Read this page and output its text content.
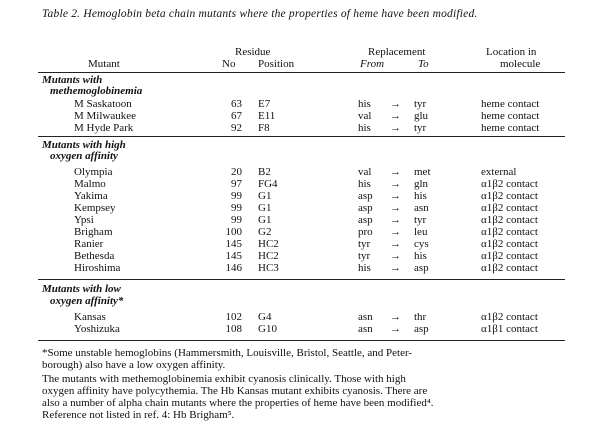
Table 2. Hemoglobin beta chain mutants where the properties of heme have been modified.
Residue	Replacement	Location in
Mutant	No Position	From	To	molecule
Mutants with
methemoglobinemia
M Saskatoon	63 E7	his → tyr	heme contact
M Milwaukee	67 E11	val → glu	heme contact
M Hyde Park	92 F8	his → tyr	heme contact
Mutants with high
oxygen affinity
Olympia	20 B2	val → met	external
Malmo	97 FG4	his → gln	α1β2 contact
Yakima	99 G1	asp → his	α1β2 contact
Kempsey	99 G1	asp → asn	α1β2 contact
Ypsi	99 G1	asp → tyr	α1β2 contact
Brigham	100 G2	pro → leu	α1β2 contact
Ranier	145 HC2	tyr → cys	α1β2 contact
Bethesda	145 HC2	tyr → his	α1β2 contact
Hiroshima	146 HC3	his → asp	α1β2 contact
Mutants with low
oxygen affinity*
Kansas	102 G4	asn → thr	α1β2 contact
Yoshizuka	108 G10	asn → asp	α1β1 contact
*Some unstable hemoglobins (Hammersmith, Louisville, Bristol, Seattle, and Peter-
borough) also have a low oxygen affinity.
The mutants with methemoglobinemia exhibit cyanosis clinically. Those with high
oxygen affinity have polycythemia. The Hb Kansas mutant exhibits cyanosis. There are
also a number of alpha chain mutants where the properties of heme have been modified⁴.
Reference not listed in ref. 4: Hb Brigham⁵.
